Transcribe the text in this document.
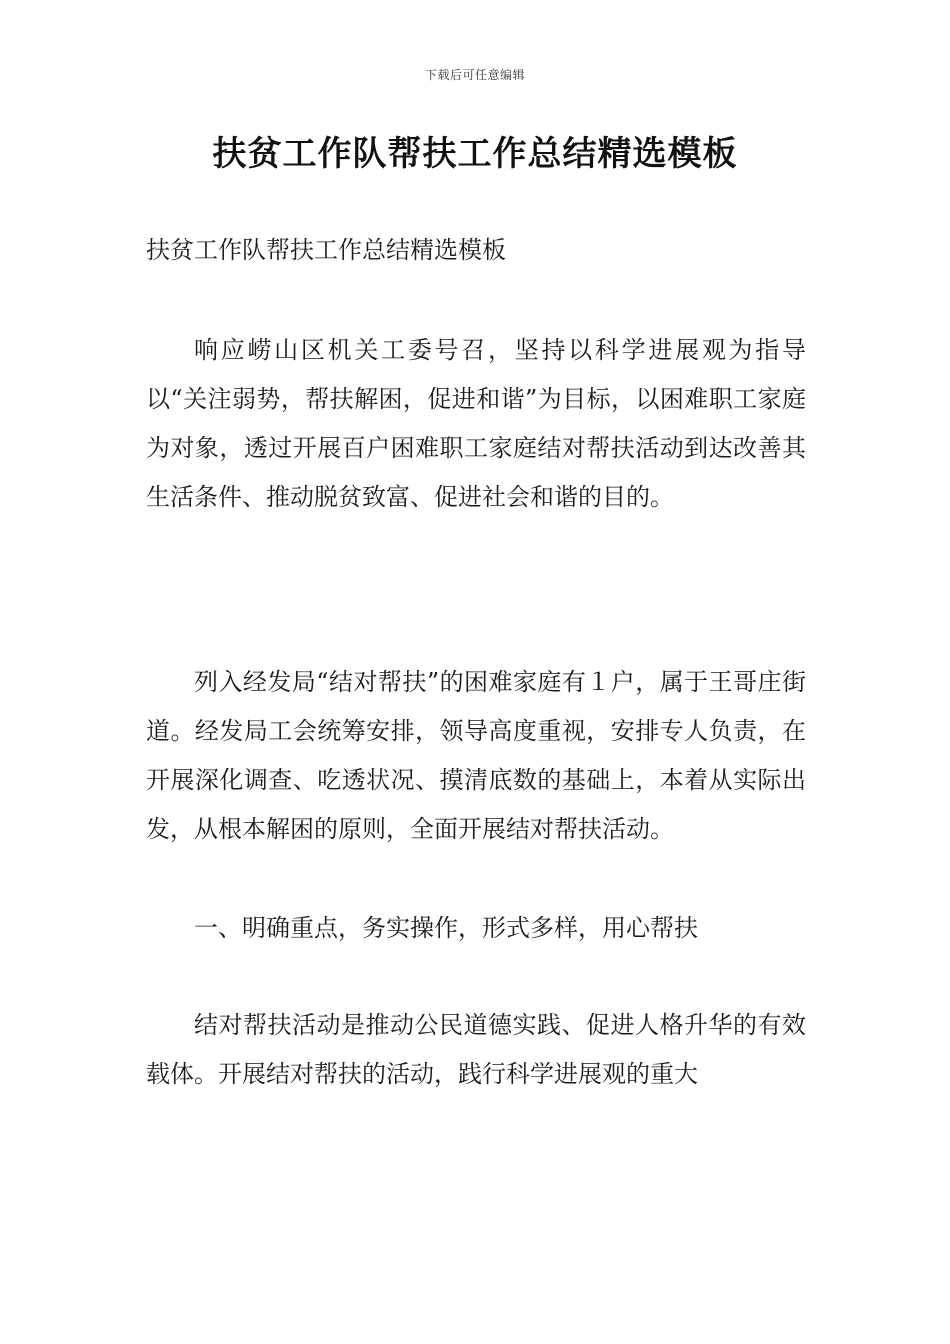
下载后可任意编辑
扶贫工作队帮扶工作总结精选模板

扶贫工作队帮扶工作总结精选模板

响应崂山区机关工委号召，坚持以科学进展观为指导以“关注弱势，帮扶解困，促进和谐”为目标，以困难职工家庭为对象，透过开展百户困难职工家庭结对帮扶活动到达改善其生活条件、推动脱贫致富、促进社会和谐的目的。

列入经发局“结对帮扶”的困难家庭有１户，属于王哥庄街道。经发局工会统筹安排，领导高度重视，安排专人负责，在开展深化调查、吃透状况、摸清底数的基础上，本着从实际出发，从根本解困的原则，全面开展结对帮扶活动。

一、明确重点，务实操作，形式多样，用心帮扶

结对帮扶活动是推动公民道德实践、促进人格升华的有效载体。开展结对帮扶的活动，践行科学进展观的重大
